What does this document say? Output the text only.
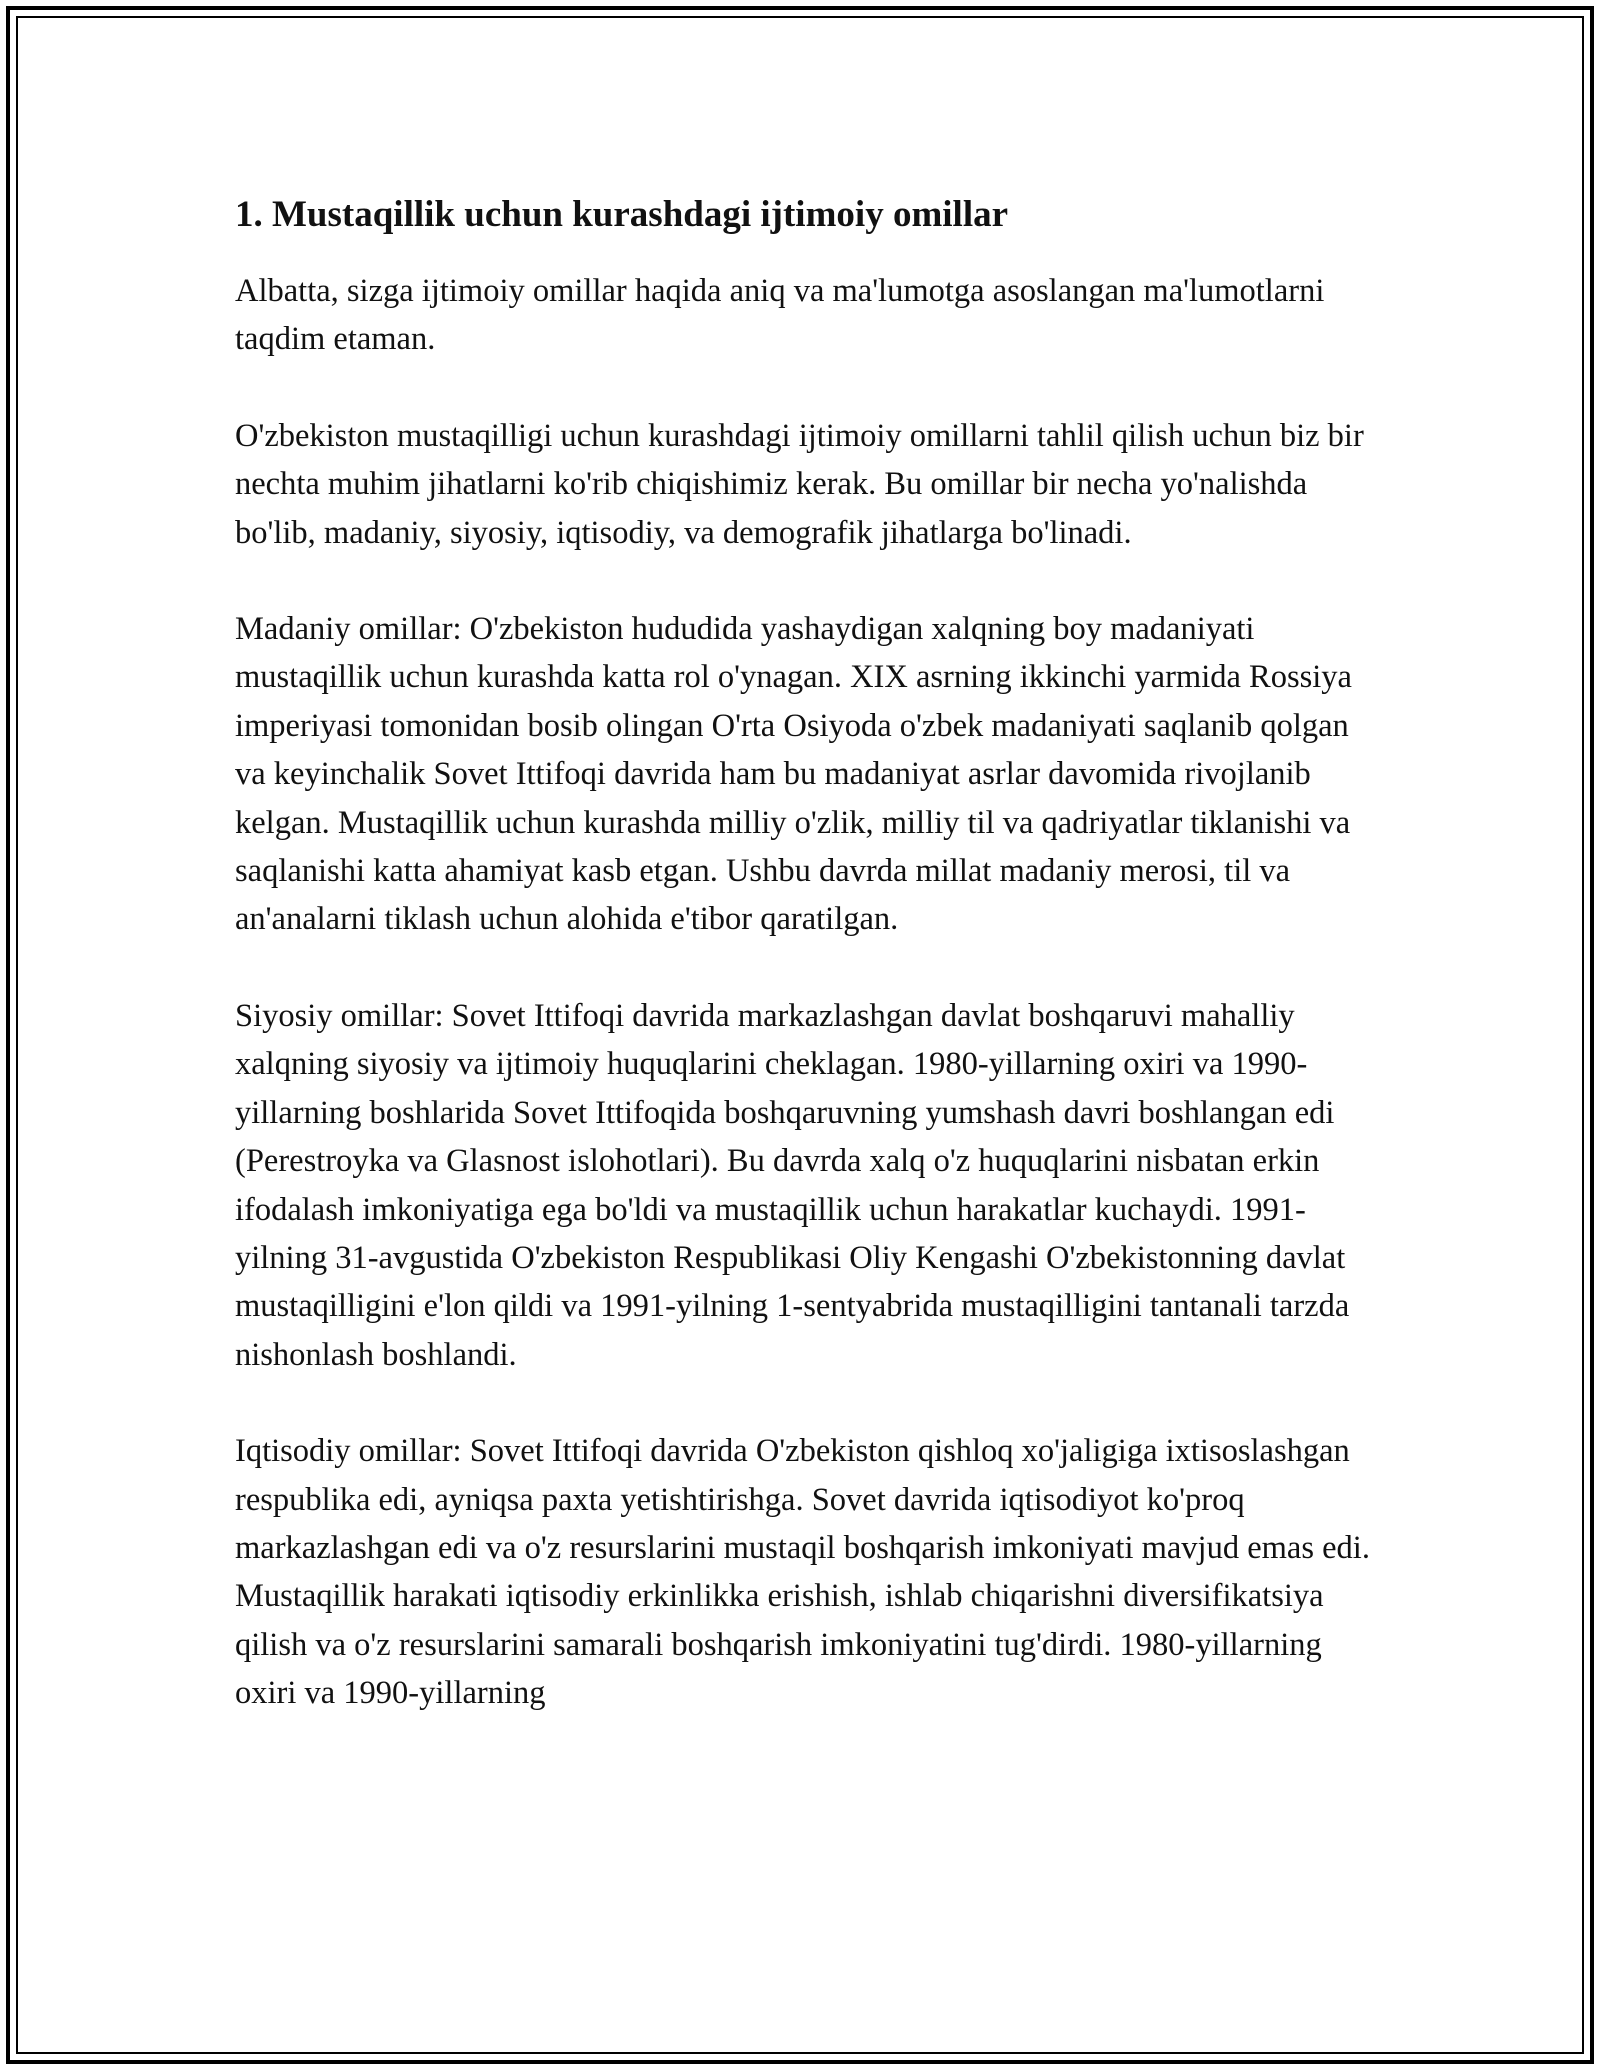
1. Mustaqillik uchun kurashdagi ijtimoiy omillar

Albatta, sizga ijtimoiy omillar haqida aniq va ma'lumotga asoslangan ma'lumotlarni taqdim etaman.

O'zbekiston mustaqilligi uchun kurashdagi ijtimoiy omillarni tahlil qilish uchun biz bir nechta muhim jihatlarni ko'rib chiqishimiz kerak. Bu omillar bir necha yo'nalishda bo'lib, madaniy, siyosiy, iqtisodiy, va demografik jihatlarga bo'linadi.

Madaniy omillar: O'zbekiston hududida yashaydigan xalqning boy madaniyati mustaqillik uchun kurashda katta rol o'ynagan. XIX asrning ikkinchi yarmida Rossiya imperiyasi tomonidan bosib olingan O'rta Osiyoda o'zbek madaniyati saqlanib qolgan va keyinchalik Sovet Ittifoqi davrida ham bu madaniyat asrlar davomida rivojlanib kelgan. Mustaqillik uchun kurashda milliy o'zlik, milliy til va qadriyatlar tiklanishi va saqlanishi katta ahamiyat kasb etgan. Ushbu davrda millat madaniy merosi, til va an'analarni tiklash uchun alohida e'tibor qaratilgan.

Siyosiy omillar: Sovet Ittifoqi davrida markazlashgan davlat boshqaruvi mahalliy xalqning siyosiy va ijtimoiy huquqlarini cheklagan. 1980-yillarning oxiri va 1990-yillarning boshlarida Sovet Ittifoqida boshqaruvning yumshash davri boshlangan edi (Perestroyka va Glasnost islohotlari). Bu davrda xalq o'z huquqlarini nisbatan erkin ifodalash imkoniyatiga ega bo'ldi va mustaqillik uchun harakatlar kuchaydi. 1991-yilning 31-avgustida O'zbekiston Respublikasi Oliy Kengashi O'zbekistonning davlat mustaqilligini e'lon qildi va 1991-yilning 1-sentyabrida mustaqilligini tantanali tarzda nishonlash boshlandi.

Iqtisodiy omillar: Sovet Ittifoqi davrida O'zbekiston qishloq xo'jaligiga ixtisoslashgan respublika edi, ayniqsa paxta yetishtirishga. Sovet davrida iqtisodiyot ko'proq markazlashgan edi va o'z resurslarini mustaqil boshqarish imkoniyati mavjud emas edi. Mustaqillik harakati iqtisodiy erkinlikka erishish, ishlab chiqarishni diversifikatsiya qilish va o'z resurslarini samarali boshqarish imkoniyatini tug'dirdi. 1980-yillarning oxiri va 1990-yillarning
